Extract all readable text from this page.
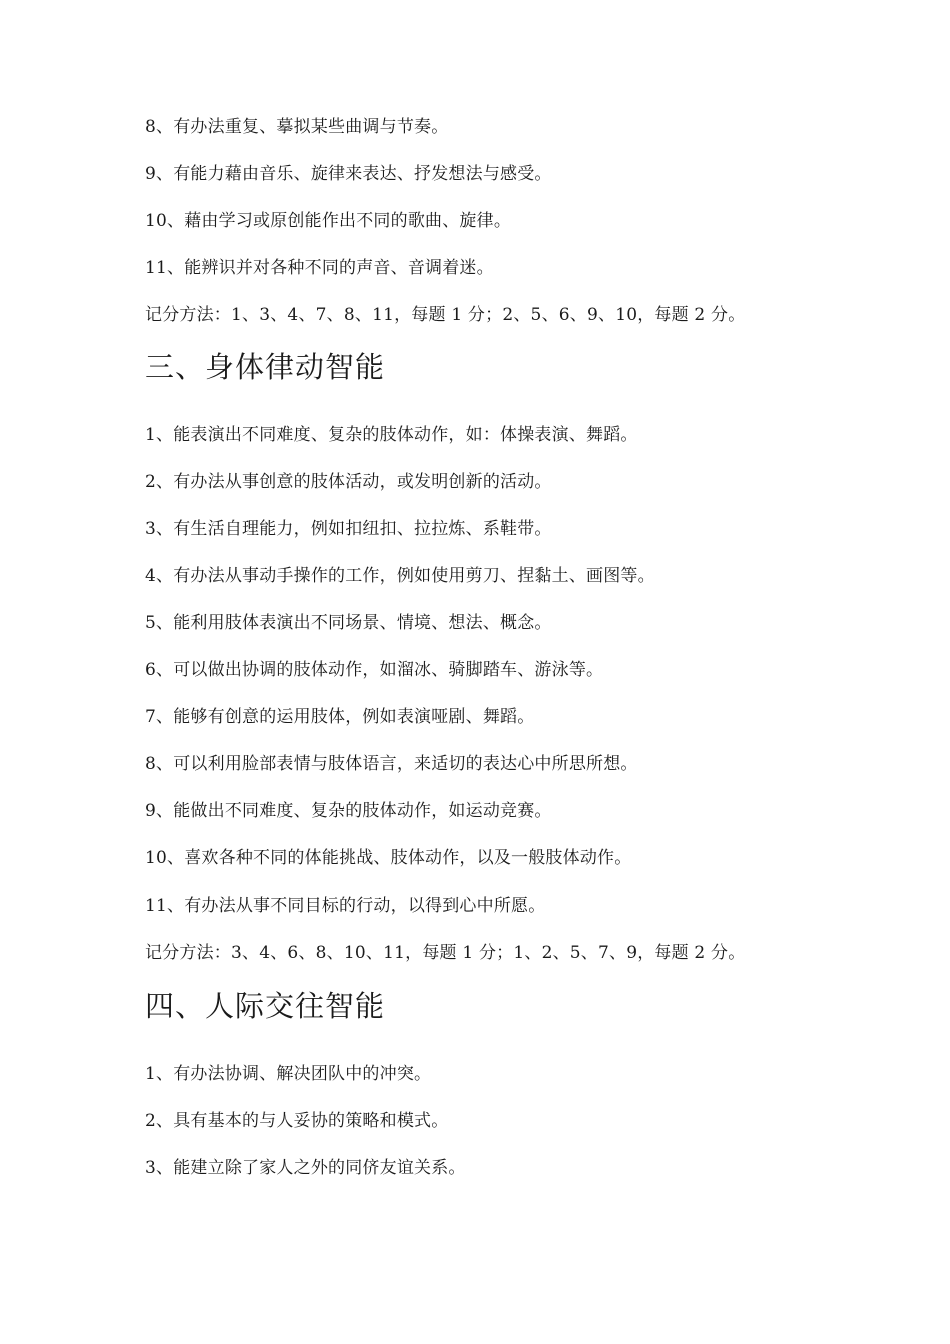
8、有办法重复、摹拟某些曲调与节奏。
9、有能力藉由音乐、旋律来表达、抒发想法与感受。
10、藉由学习或原创能作出不同的歌曲、旋律。
11、能辨识并对各种不同的声音、音调着迷。
记分方法：1、3、4、7、8、11，每题 1 分；2、5、6、9、10，每题 2 分。
三、身体律动智能
1、能表演出不同难度、复杂的肢体动作，如：体操表演、舞蹈。
2、有办法从事创意的肢体活动，或发明创新的活动。
3、有生活自理能力，例如扣纽扣、拉拉炼、系鞋带。
4、有办法从事动手操作的工作，例如使用剪刀、捏黏土、画图等。
5、能利用肢体表演出不同场景、情境、想法、概念。
6、可以做出协调的肢体动作，如溜冰、骑脚踏车、游泳等。
7、能够有创意的运用肢体，例如表演哑剧、舞蹈。
8、可以利用脸部表情与肢体语言，来适切的表达心中所思所想。
9、能做出不同难度、复杂的肢体动作，如运动竞赛。
10、喜欢各种不同的体能挑战、肢体动作，以及一般肢体动作。
11、有办法从事不同目标的行动，以得到心中所愿。
记分方法：3、4、6、8、10、11，每题 1 分；1、2、5、7、9，每题 2 分。
四、人际交往智能
1、有办法协调、解决团队中的冲突。
2、具有基本的与人妥协的策略和模式。
3、能建立除了家人之外的同侪友谊关系。
